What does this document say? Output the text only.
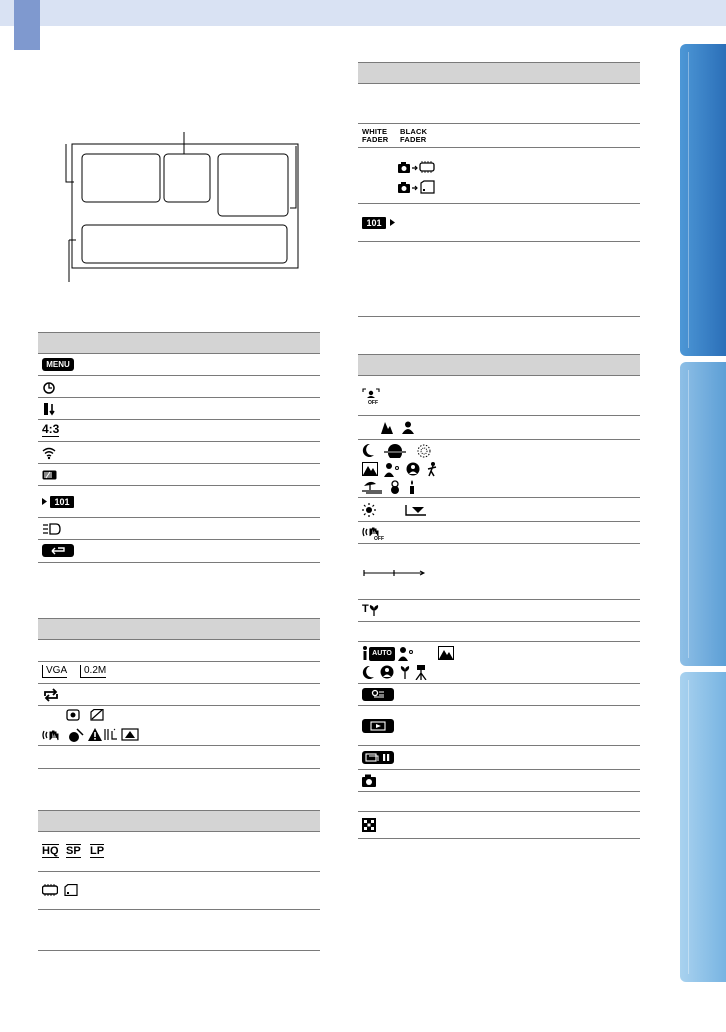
MENU
4:3
101
VGA	0.2M
HQ SP LP
WHITE FADER
BLACK FADER
101
OFF
OFF
T
AUTO
